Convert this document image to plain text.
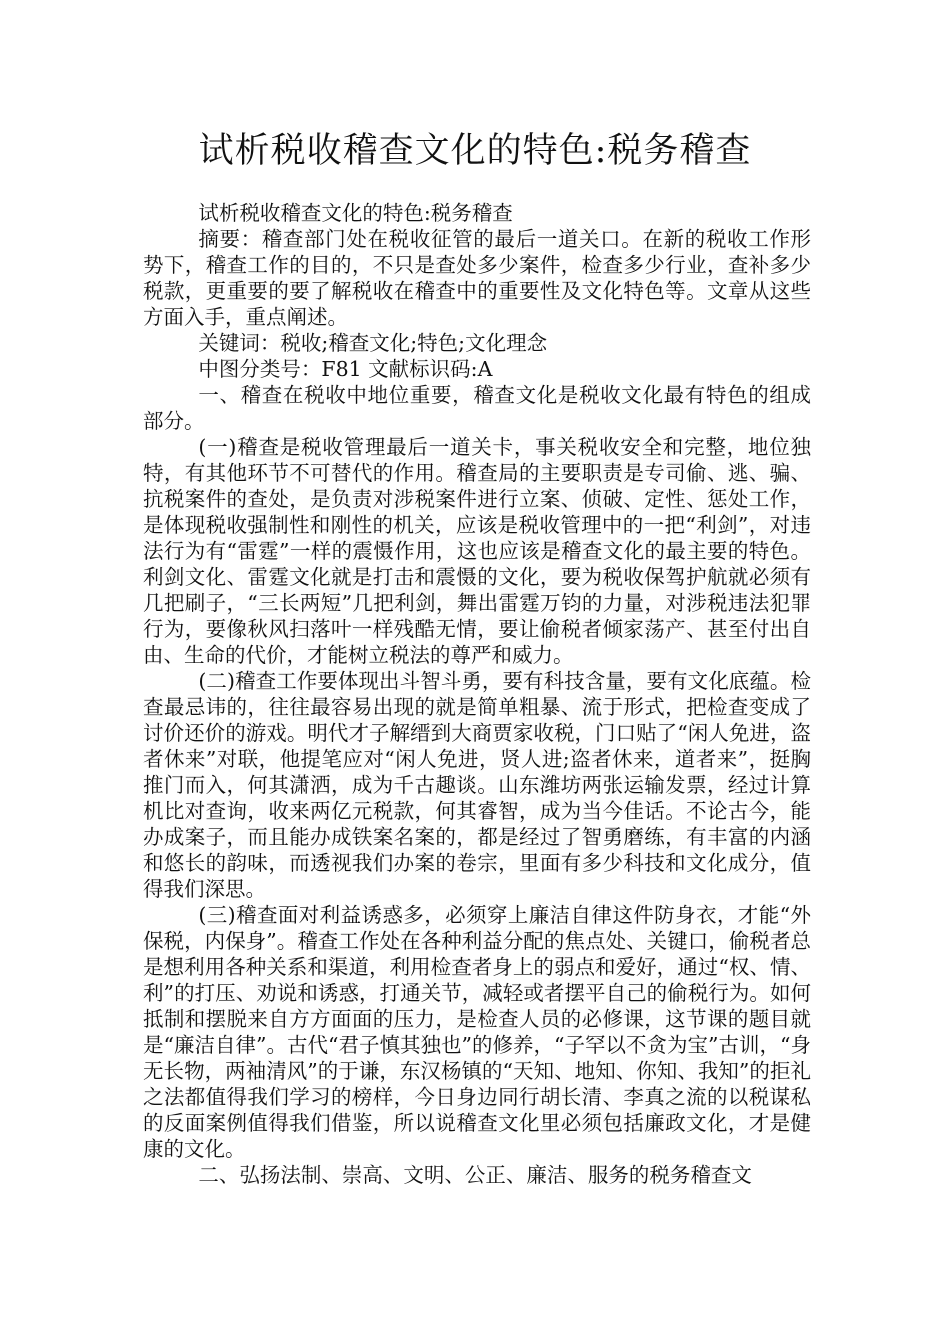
试析税收稽查文化的特色:税务稽查

试析税收稽查文化的特色:税务稽查

摘要：稽查部门处在税收征管的最后一道关口。在新的税收工作形势下，稽查工作的目的，不只是查处多少案件，检查多少行业，查补多少税款，更重要的要了解税收在稽查中的重要性及文化特色等。文章从这些方面入手，重点阐述。

关键词：税收;稽查文化;特色;文化理念

中图分类号：F81 文献标识码:A

一、稽查在税收中地位重要，稽查文化是税收文化最有特色的组成部分。

(一)稽查是税收管理最后一道关卡，事关税收安全和完整，地位独特，有其他环节不可替代的作用。稽查局的主要职责是专司偷、逃、骗、抗税案件的查处，是负责对涉税案件进行立案、侦破、定性、惩处工作，是体现税收强制性和刚性的机关，应该是税收管理中的一把“利剑”，对违法行为有“雷霆”一样的震慑作用，这也应该是稽查文化的最主要的特色。利剑文化、雷霆文化就是打击和震慑的文化，要为税收保驾护航就必须有几把刷子，“三长两短”几把利剑，舞出雷霆万钧的力量，对涉税违法犯罪行为，要像秋风扫落叶一样残酷无情，要让偷税者倾家荡产、甚至付出自由、生命的代价，才能树立税法的尊严和威力。

(二)稽查工作要体现出斗智斗勇，要有科技含量，要有文化底蕴。检查最忌讳的，往往最容易出现的就是简单粗暴、流于形式，把检查变成了讨价还价的游戏。明代才子解缙到大商贾家收税，门口贴了“闲人免进，盗者休来”对联，他提笔应对“闲人免进，贤人进;盗者休来，道者来”，挺胸推门而入，何其潇洒，成为千古趣谈。山东潍坊两张运输发票，经过计算机比对查询，收来两亿元税款，何其睿智，成为当今佳话。不论古今，能办成案子，而且能办成铁案名案的，都是经过了智勇磨练，有丰富的内涵和悠长的韵味，而透视我们办案的卷宗，里面有多少科技和文化成分，值得我们深思。

(三)稽查面对利益诱惑多，必须穿上廉洁自律这件防身衣，才能“外保税，内保身”。稽查工作处在各种利益分配的焦点处、关键口，偷税者总是想利用各种关系和渠道，利用检查者身上的弱点和爱好，通过“权、情、利”的打压、劝说和诱惑，打通关节，减轻或者摆平自己的偷税行为。如何抵制和摆脱来自方方面面的压力，是检查人员的必修课，这节课的题目就是“廉洁自律”。古代“君子慎其独也”的修养，“子罕以不贪为宝”古训，“身无长物，两袖清风”的于谦，东汉杨镇的“天知、地知、你知、我知”的拒礼之法都值得我们学习的榜样，今日身边同行胡长清、李真之流的以税谋私的反面案例值得我们借鉴，所以说稽查文化里必须包括廉政文化，才是健康的文化。

二、弘扬法制、崇高、文明、公正、廉洁、服务的税务稽查文
